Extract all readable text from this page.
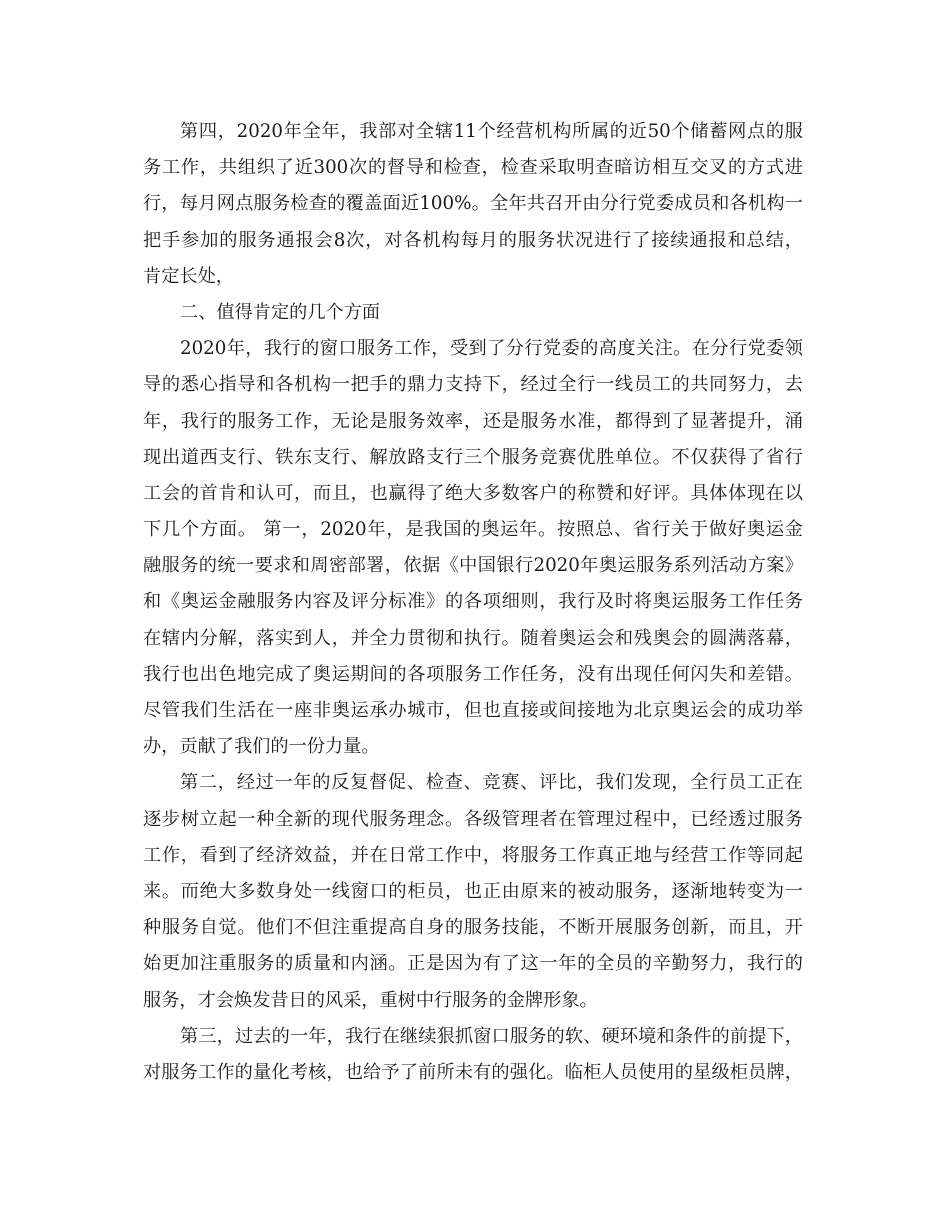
第四，2020年全年，我部对全辖11个经营机构所属的近50个储蓄网点的服
务工作，共组织了近300次的督导和检查，检查采取明查暗访相互交叉的方式进
行，每月网点服务检查的覆盖面近100%。全年共召开由分行党委成员和各机构一
把手参加的服务通报会8次，对各机构每月的服务状况进行了接续通报和总结，
肯定长处，
二、值得肯定的几个方面
2020年，我行的窗口服务工作，受到了分行党委的高度关注。在分行党委领
导的悉心指导和各机构一把手的鼎力支持下，经过全行一线员工的共同努力，去
年，我行的服务工作，无论是服务效率，还是服务水准，都得到了显著提升，涌
现出道西支行、铁东支行、解放路支行三个服务竞赛优胜单位。不仅获得了省行
工会的首肯和认可，而且，也赢得了绝大多数客户的称赞和好评。具体体现在以
下几个方面。 第一，2020年，是我国的奥运年。按照总、省行关于做好奥运金
融服务的统一要求和周密部署，依据《中国银行2020年奥运服务系列活动方案》
和《奥运金融服务内容及评分标准》的各项细则，我行及时将奥运服务工作任务
在辖内分解，落实到人，并全力贯彻和执行。随着奥运会和残奥会的圆满落幕，
我行也出色地完成了奥运期间的各项服务工作任务，没有出现任何闪失和差错。
尽管我们生活在一座非奥运承办城市，但也直接或间接地为北京奥运会的成功举
办，贡献了我们的一份力量。
第二，经过一年的反复督促、检查、竞赛、评比，我们发现，全行员工正在
逐步树立起一种全新的现代服务理念。各级管理者在管理过程中，已经透过服务
工作，看到了经济效益，并在日常工作中，将服务工作真正地与经营工作等同起
来。而绝大多数身处一线窗口的柜员，也正由原来的被动服务，逐渐地转变为一
种服务自觉。他们不但注重提高自身的服务技能，不断开展服务创新，而且，开
始更加注重服务的质量和内涵。正是因为有了这一年的全员的辛勤努力，我行的
服务，才会焕发昔日的风采，重树中行服务的金牌形象。
第三，过去的一年，我行在继续狠抓窗口服务的软、硬环境和条件的前提下，
对服务工作的量化考核，也给予了前所未有的强化。临柜人员使用的星级柜员牌，
